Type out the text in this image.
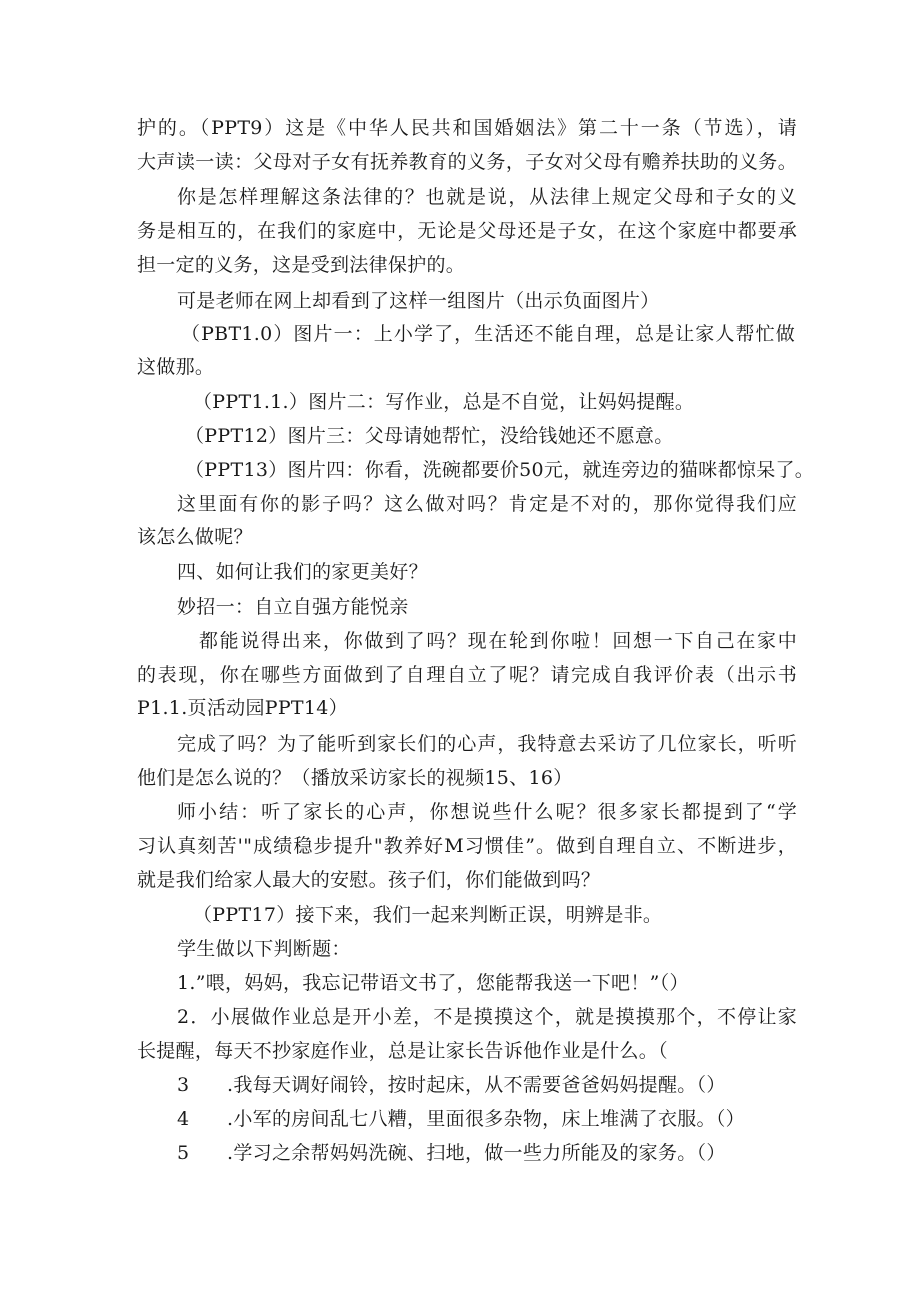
护的。（PPT9）这是《中华人民共和国婚姻法》第二十一条（节选），请
大声读一读：父母对子女有抚养教育的义务，子女对父母有赡养扶助的义务。
你是怎样理解这条法律的？也就是说，从法律上规定父母和子女的义
务是相互的，在我们的家庭中，无论是父母还是子女，在这个家庭中都要承
担一定的义务，这是受到法律保护的。
可是老师在网上却看到了这样一组图片（出示负面图片）
（PBT1.0）图片一：上小学了，生活还不能自理，总是让家人帮忙做
这做那。
（PPT1.1.）图片二：写作业，总是不自觉，让妈妈提醒。
（PPT12）图片三：父母请她帮忙，没给钱她还不愿意。
（PPT13）图片四：你看，洗碗都要价50元，就连旁边的猫咪都惊呆了。
这里面有你的影子吗？这么做对吗？肯定是不对的，那你觉得我们应
该怎么做呢？
四、如何让我们的家更美好？
妙招一：自立自强方能悦亲
都能说得出来，你做到了吗？现在轮到你啦！回想一下自己在家中
的表现，你在哪些方面做到了自理自立了呢？请完成自我评价表（出示书
P1.1.页活动园PPT14）
完成了吗？为了能听到家长们的心声，我特意去采访了几位家长，听听
他们是怎么说的？（播放采访家长的视频15、16）
师小结：听了家长的心声，你想说些什么呢？很多家长都提到了“学
习认真刻苦'"成绩稳步提升"教养好M习惯佳”。做到自理自立、不断进步，
就是我们给家人最大的安慰。孩子们，你们能做到吗？
（PPT17）接下来，我们一起来判断正误，明辨是非。
学生做以下判断题：
1.”喂，妈妈，我忘记带语文书了，您能帮我送一下吧！”（）
2．小展做作业总是开小差，不是摸摸这个，就是摸摸那个，不停让家
长提醒，每天不抄家庭作业，总是让家长告诉他作业是什么。（
3	.我每天调好闹铃，按时起床，从不需要爸爸妈妈提醒。（）
4	.小军的房间乱七八糟，里面很多杂物，床上堆满了衣服。（）
5	.学习之余帮妈妈洗碗、扫地，做一些力所能及的家务。（）
